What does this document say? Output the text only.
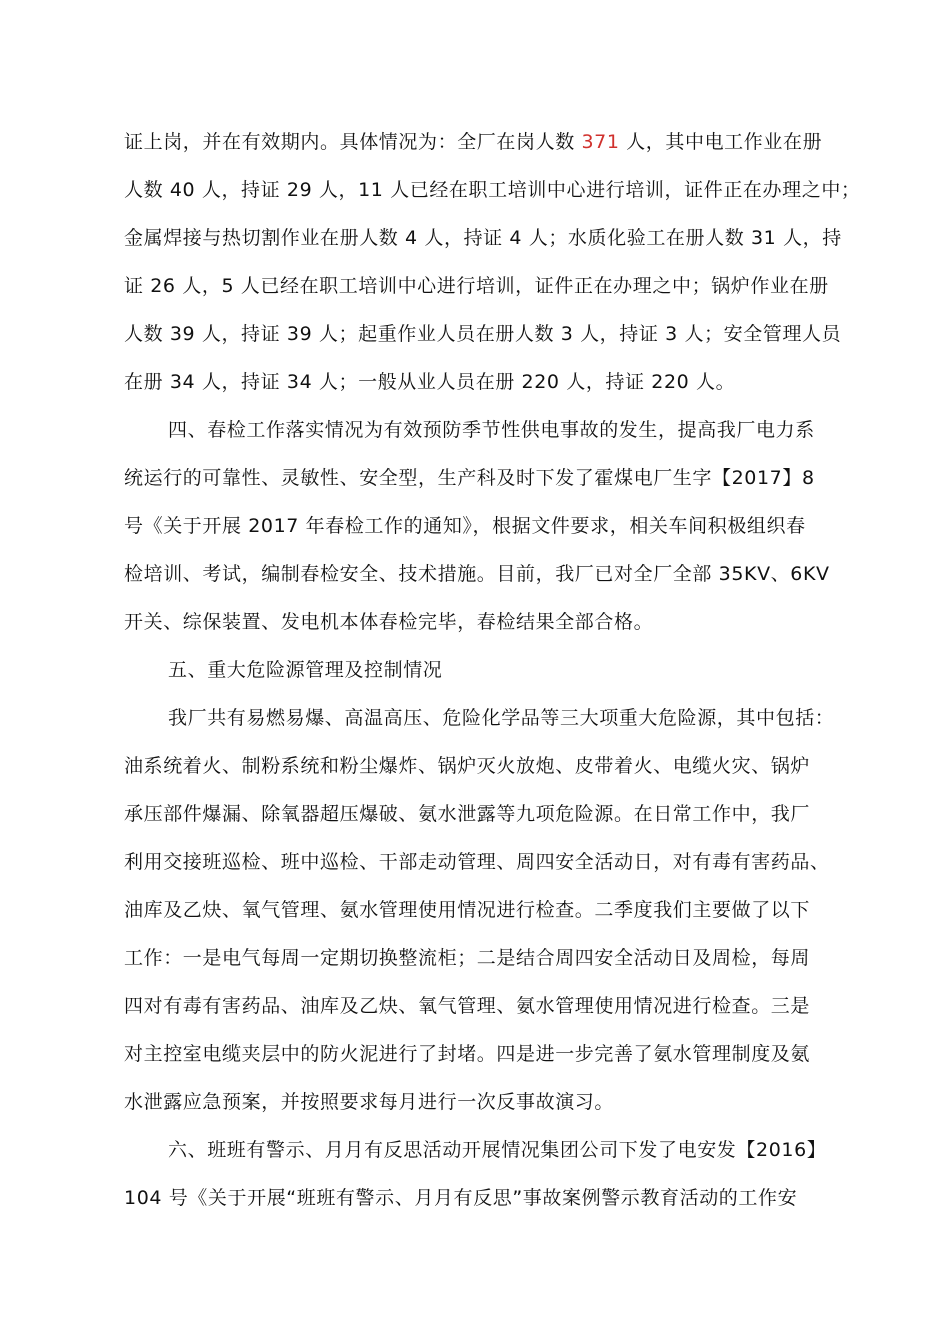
证上岗，并在有效期内。具体情况为：全厂在岗人数 371 人，其中电工作业在册
人数 40 人，持证 29 人，11 人已经在职工培训中心进行培训，证件正在办理之中；
金属焊接与热切割作业在册人数 4 人，持证 4 人；水质化验工在册人数 31 人，持
证 26 人，5 人已经在职工培训中心进行培训，证件正在办理之中；锅炉作业在册
人数 39 人，持证 39 人；起重作业人员在册人数 3 人，持证 3 人；安全管理人员
在册 34 人，持证 34 人；一般从业人员在册 220 人，持证 220 人。
四、春检工作落实情况为有效预防季节性供电事故的发生，提高我厂电力系
统运行的可靠性、灵敏性、安全型，生产科及时下发了霍煤电厂生字【2017】8
号《关于开展 2017 年春检工作的通知》，根据文件要求，相关车间积极组织春
检培训、考试，编制春检安全、技术措施。目前，我厂已对全厂全部 35KV、6KV
开关、综保装置、发电机本体春检完毕，春检结果全部合格。
五、重大危险源管理及控制情况
我厂共有易燃易爆、高温高压、危险化学品等三大项重大危险源，其中包括：
油系统着火、制粉系统和粉尘爆炸、锅炉灭火放炮、皮带着火、电缆火灾、锅炉
承压部件爆漏、除氧器超压爆破、氨水泄露等九项危险源。在日常工作中，我厂
利用交接班巡检、班中巡检、干部走动管理、周四安全活动日，对有毒有害药品、
油库及乙炔、氧气管理、氨水管理使用情况进行检查。二季度我们主要做了以下
工作：一是电气每周一定期切换整流柜；二是结合周四安全活动日及周检，每周
四对有毒有害药品、油库及乙炔、氧气管理、氨水管理使用情况进行检查。三是
对主控室电缆夹层中的防火泥进行了封堵。四是进一步完善了氨水管理制度及氨
水泄露应急预案，并按照要求每月进行一次反事故演习。
六、班班有警示、月月有反思活动开展情况集团公司下发了电安发【2016】
104 号《关于开展“班班有警示、月月有反思”事故案例警示教育活动的工作安
